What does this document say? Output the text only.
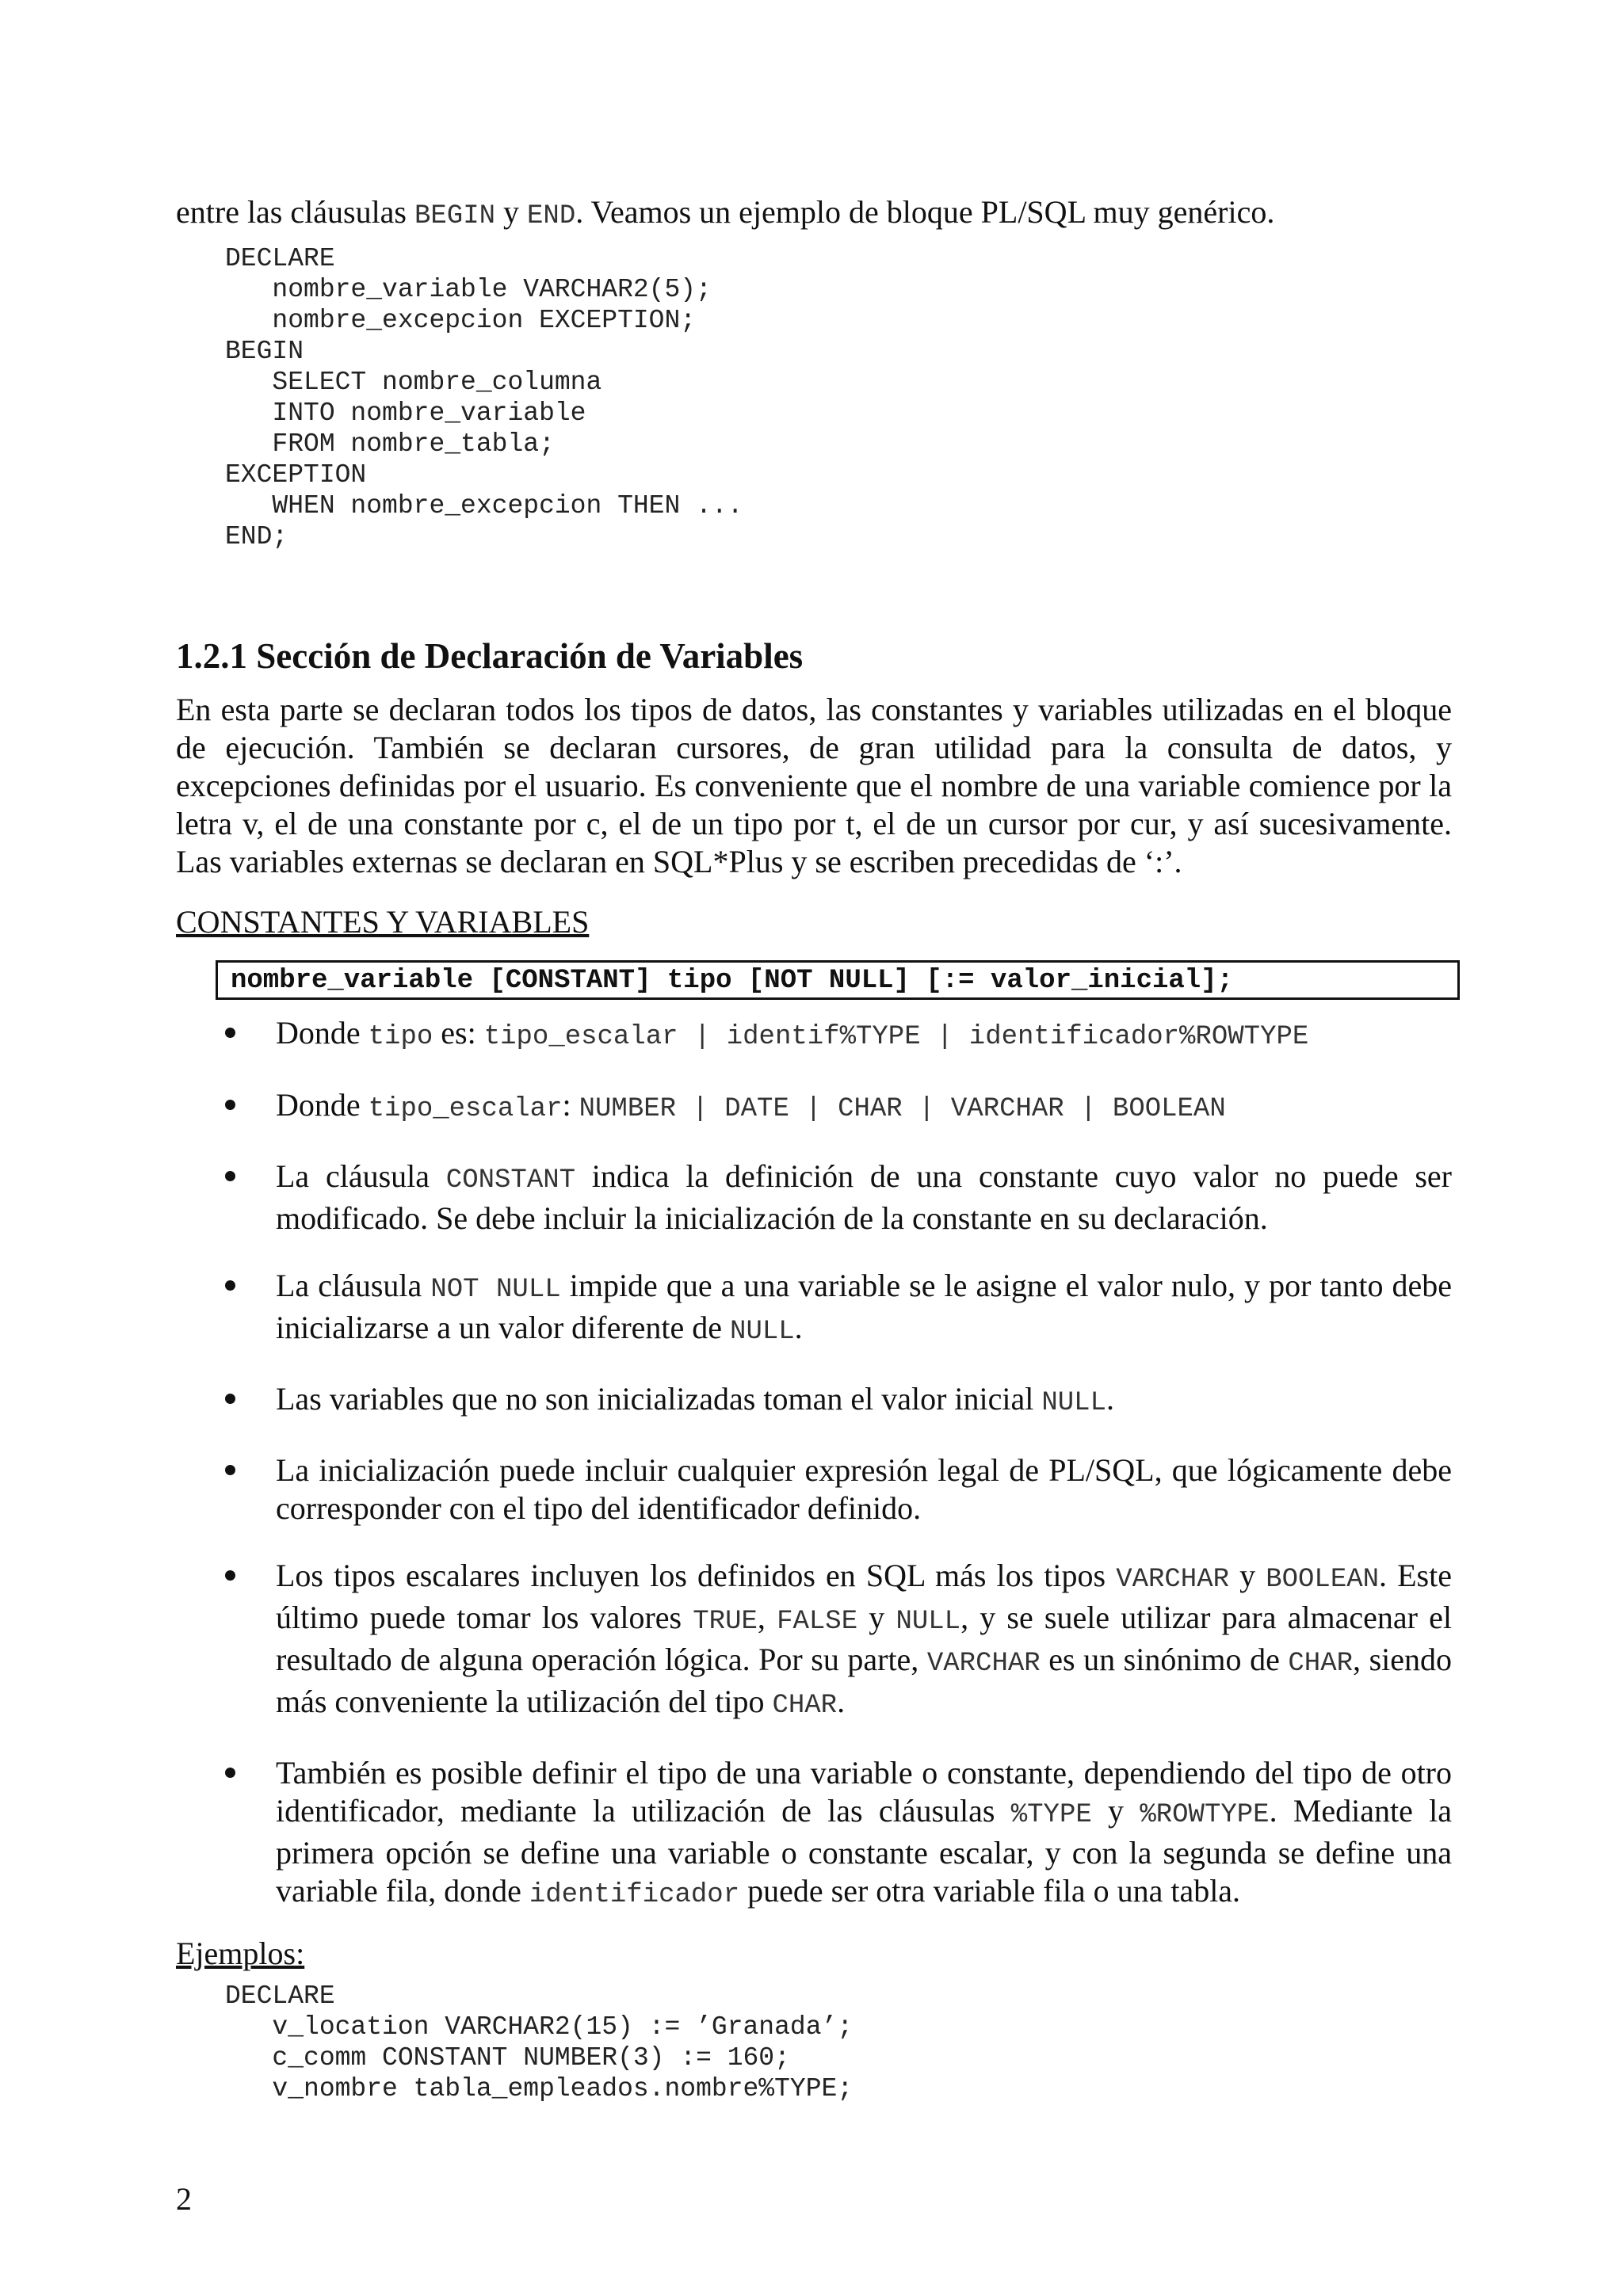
entre las cláusulas BEGIN y END. Veamos un ejemplo de bloque PL/SQL muy genérico.

DECLARE
nombre_variable VARCHAR2(5);
nombre_excepcion EXCEPTION;
BEGIN
SELECT nombre_columna
INTO nombre_variable
FROM nombre_tabla;
EXCEPTION
WHEN nombre_excepcion THEN ...
END;
1.2.1 Sección de Declaración de Variables

En esta parte se declaran todos los tipos de datos, las constantes y variables utilizadas en el bloque de ejecución. También se declaran cursores, de gran utilidad para la consulta de datos, y excepciones definidas por el usuario. Es conveniente que el nombre de una variable comience por la letra v, el de una constante por c, el de un tipo por t, el de un cursor por cur, y así sucesivamente. Las variables externas se declaran en SQL*Plus y se escriben precedidas de ‘:’.

CONSTANTES Y VARIABLES

nombre_variable [CONSTANT] tipo [NOT NULL] [:= valor_inicial];
Donde tipo es: tipo_escalar | identif%TYPE | identificador%ROWTYPE
Donde tipo_escalar: NUMBER | DATE | CHAR | VARCHAR | BOOLEAN
La cláusula CONSTANT indica la definición de una constante cuyo valor no puede ser modificado. Se debe incluir la inicialización de la constante en su declaración.
La cláusula NOT NULL impide que a una variable se le asigne el valor nulo, y por tanto debe inicializarse a un valor diferente de NULL.
Las variables que no son inicializadas toman el valor inicial NULL.
La inicialización puede incluir cualquier expresión legal de PL/SQL, que lógicamente debe corresponder con el tipo del identificador definido.
Los tipos escalares incluyen los definidos en SQL más los tipos VARCHAR y BOOLEAN. Este último puede tomar los valores TRUE, FALSE y NULL, y se suele utilizar para almacenar el resultado de alguna operación lógica. Por su parte, VARCHAR es un sinónimo de CHAR, siendo más conveniente la utilización del tipo CHAR.
También es posible definir el tipo de una variable o constante, dependiendo del tipo de otro identificador, mediante la utilización de las cláusulas %TYPE y %ROWTYPE. Mediante la primera opción se define una variable o constante escalar, y con la segunda se define una variable fila, donde identificador puede ser otra variable fila o una tabla.

Ejemplos:

DECLARE
v_location VARCHAR2(15) := ’Granada’;
c_comm CONSTANT NUMBER(3) := 160;
v_nombre tabla_empleados.nombre%TYPE;
2
